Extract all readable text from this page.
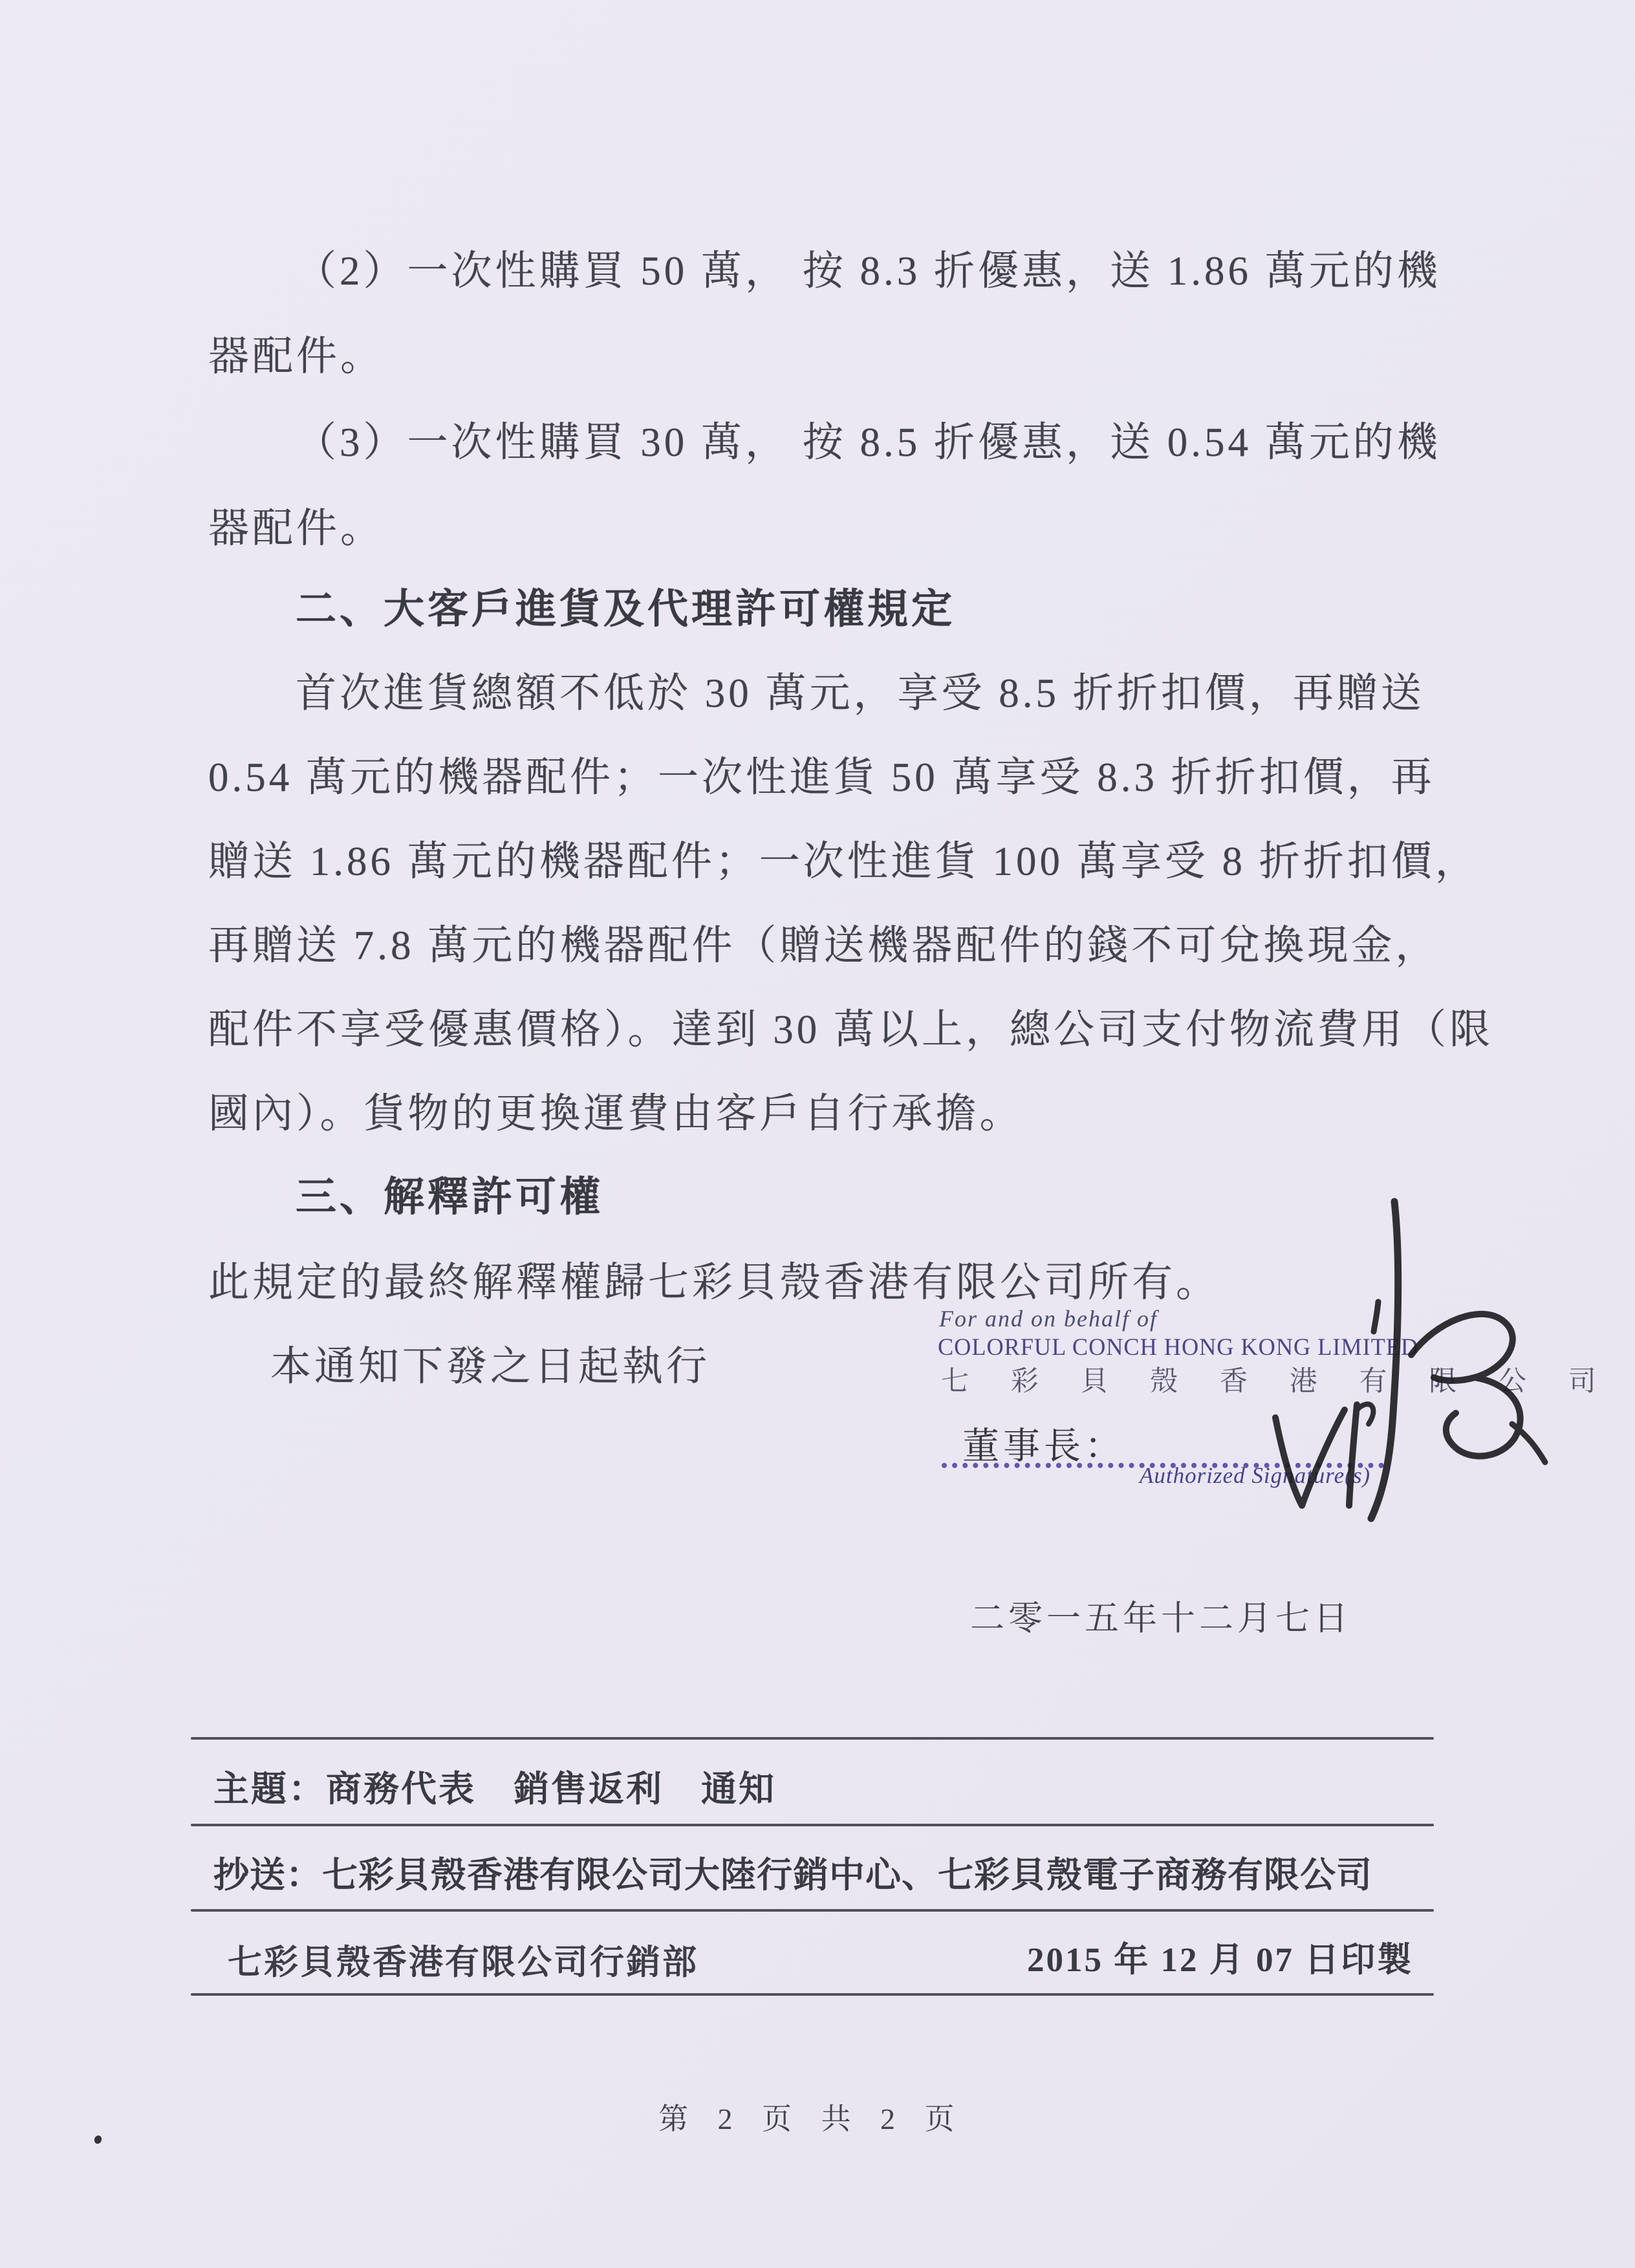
（2）一次性購買 50 萬， 按 8.3 折優惠，送 1.86 萬元的機
器配件。
（3）一次性購買 30 萬， 按 8.5 折優惠，送 0.54 萬元的機
器配件。
二、大客戶進貨及代理許可權規定
首次進貨總額不低於 30 萬元，享受 8.5 折折扣價，再贈送
0.54 萬元的機器配件；一次性進貨 50 萬享受 8.3 折折扣價，再
贈送 1.86 萬元的機器配件；一次性進貨 100 萬享受 8 折折扣價，
再贈送 7.8 萬元的機器配件（贈送機器配件的錢不可兌換現金，
配件不享受優惠價格）。達到 30 萬以上，總公司支付物流費用（限
國內）。貨物的更換運費由客戶自行承擔。
三、解釋許可權
此規定的最終解釋權歸七彩貝殼香港有限公司所有。
本通知下發之日起執行
For and on behalf of
COLORFUL CONCH HONG KONG LIMITED
七 彩 貝 殼 香 港 有 限 公 司
董事長：
Authorized Signature(s)
二零一五年十二月七日
主題：商務代表　銷售返利　通知
抄送：七彩貝殼香港有限公司大陸行銷中心、七彩貝殼電子商務有限公司
七彩貝殼香港有限公司行銷部	2015 年 12 月 07 日印製
第 2 页 共 2 页
